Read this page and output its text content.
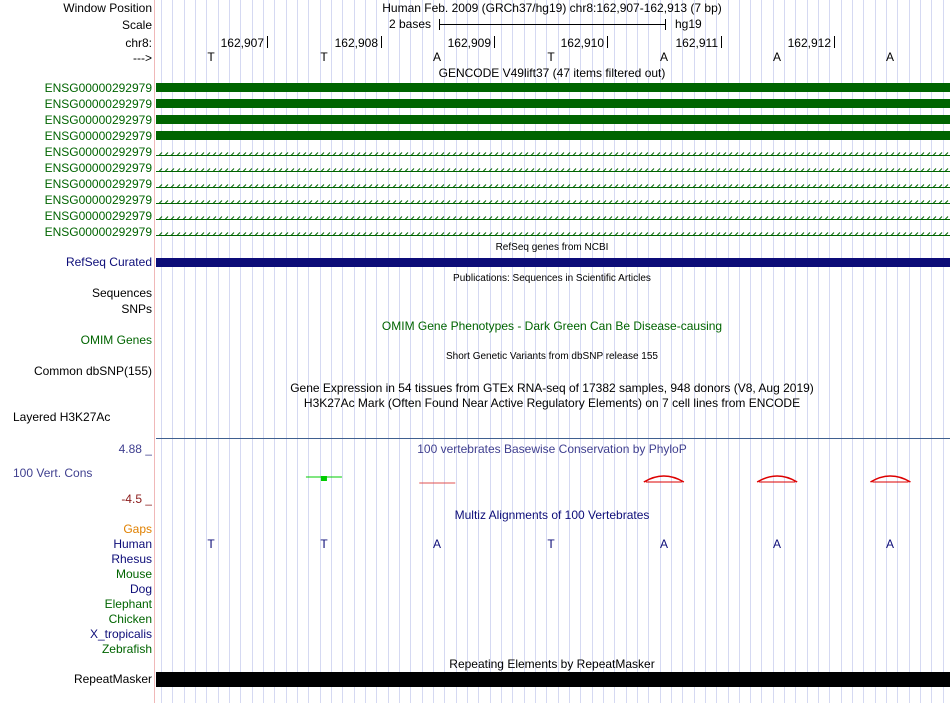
Window Position	Human Feb. 2009 (GRCh37/hg19) chr8:162,907-162,913 (7 bp)
Scale	2 bases	hg19
chr8:	162,907	162,908	162,909	162,910	162,911	162,912
--->	T	T	A	T	A	A	A
GENCODE V49lift37 (47 items filtered out)
ENSG00000292979
ENSG00000292979
ENSG00000292979
ENSG00000292979
ENSG00000292979
ENSG00000292979
ENSG00000292979
ENSG00000292979
ENSG00000292979
ENSG00000292979
RefSeq genes from NCBI
RefSeq Curated
Publications: Sequences in Scientific Articles
Sequences
SNPs
OMIM Gene Phenotypes - Dark Green Can Be Disease-causing
OMIM Genes
Short Genetic Variants from dbSNP release 155
Common dbSNP(155)
Gene Expression in 54 tissues from GTEx RNA-seq of 17382 samples, 948 donors (V8, Aug 2019)
H3K27Ac Mark (Often Found Near Active Regulatory Elements) on 7 cell lines from ENCODE
Layered H3K27Ac
100 vertebrates Basewise Conservation by PhyloP
4.88 _
100 Vert. Cons
-4.5 _
Multiz Alignments of 100 Vertebrates
Gaps
Human	T	T	A	T	A	A	A
Rhesus
Mouse
Dog
Elephant
Chicken
X_tropicalis
Zebrafish
Repeating Elements by RepeatMasker
RepeatMasker
